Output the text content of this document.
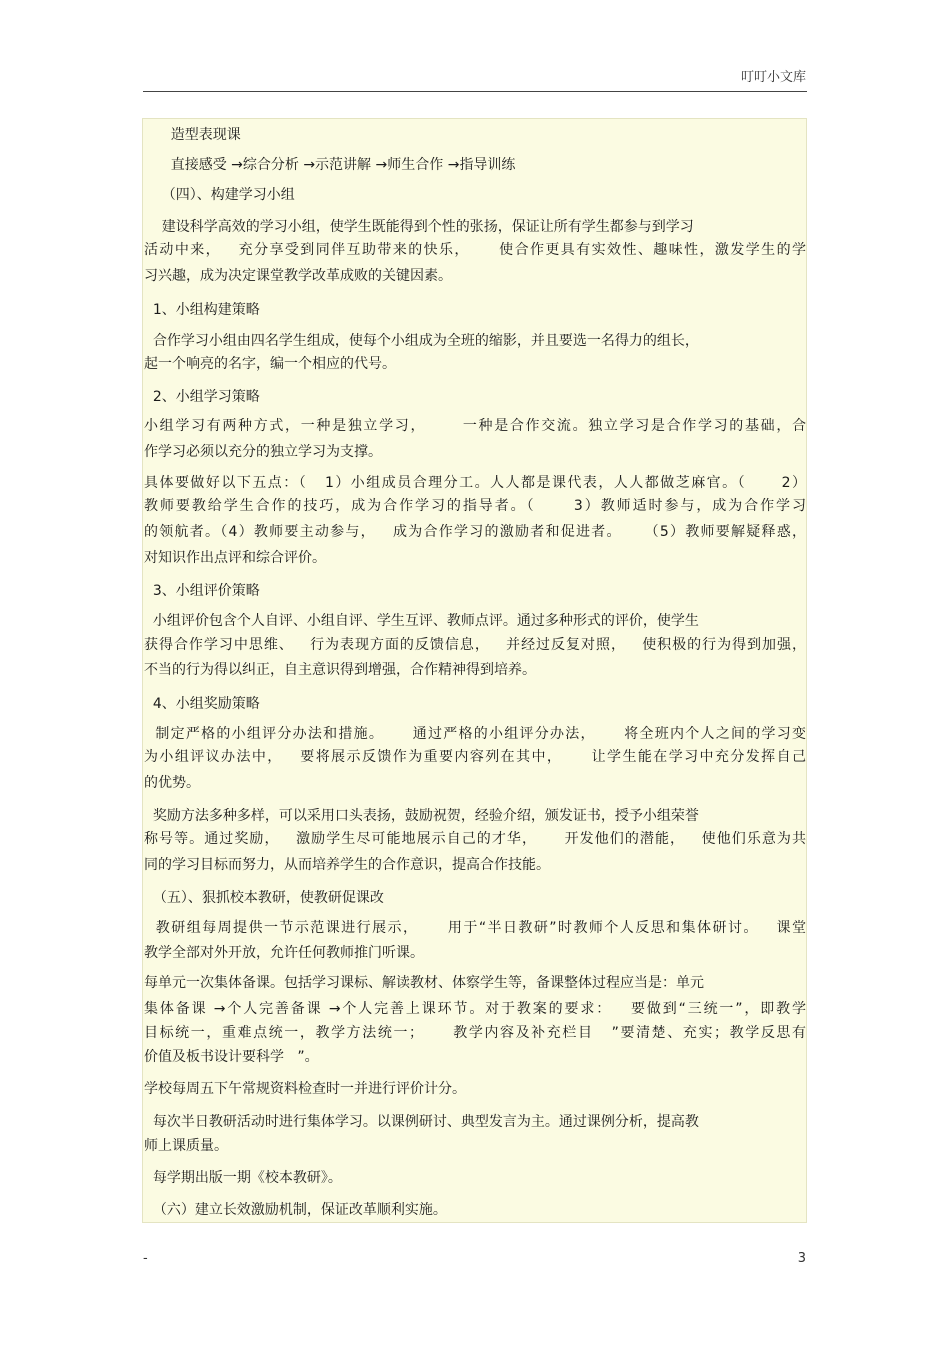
叮叮小文库
造型表现课
直接感受 →综合分析 →示范讲解 →师生合作 →指导训练
（四）、构建学习小组
建设科学高效的学习小组，使学生既能得到个性的张扬，保证让所有学生都参与到学习
活动中来，   充分享受到同伴互助带来的快乐，     使合作更具有实效性、趣味性，激发学生的学
习兴趣，成为决定课堂教学改革成败的关键因素。
1、小组构建策略
合作学习小组由四名学生组成，使每个小组成为全班的缩影，并且要选一名得力的组长，
起一个响亮的名字，编一个相应的代号。
2、小组学习策略
小组学习有两种方式，一种是独立学习，      一种是合作交流。独立学习是合作学习的基础，合
作学习必须以充分的独立学习为支撑。
具体要做好以下五点：（   1）小组成员合理分工。人人都是课代表，人人都做芝麻官。（      2）
教师要教给学生合作的技巧，成为合作学习的指导者。（      3）教师适时参与，成为合作学习
的领航者。（4）教师要主动参与，   成为合作学习的激励者和促进者。    （5）教师要解疑释惑，
对知识作出点评和综合评价。
3、小组评价策略
小组评价包含个人自评、小组自评、学生互评、教师点评。通过多种形式的评价，使学生
获得合作学习中思维、   行为表现方面的反馈信息，   并经过反复对照，   使积极的行为得到加强，
不当的行为得以纠正，自主意识得到增强，合作精神得到培养。
4、小组奖励策略
制定严格的小组评分办法和措施。     通过严格的小组评分办法，     将全班内个人之间的学习变
为小组评议办法中，   要将展示反馈作为重要内容列在其中，     让学生能在学习中充分发挥自己
的优势。
奖励方法多种多样，可以采用口头表扬，鼓励祝贺，经验介绍，颁发证书，授予小组荣誉
称号等。通过奖励，   激励学生尽可能地展示自己的才华，     开发他们的潜能，   使他们乐意为共
同的学习目标而努力，从而培养学生的合作意识，提高合作技能。
（五）、狠抓校本教研，使教研促课改
教研组每周提供一节示范课进行展示，     用于“半日教研”时教师个人反思和集体研讨。   课堂
教学全部对外开放，允许任何教师推门听课。
每单元一次集体备课。包括学习课标、解读教材、体察学生等，备课整体过程应当是：单元
集体备课 →个人完善备课 →个人完善上课环节。对于教案的要求：   要做到“三统一”，即教学
目标统一，重难点统一，教学方法统一；     教学内容及补充栏目   ”要清楚、充实；教学反思有
价值及板书设计要科学   ”。
学校每周五下午常规资料检查时一并进行评价计分。
每次半日教研活动时进行集体学习。以课例研讨、典型发言为主。通过课例分析，提高教
师上课质量。
每学期出版一期《校本教研》。
（六）建立长效激励机制，保证改革顺利实施。
-	3
